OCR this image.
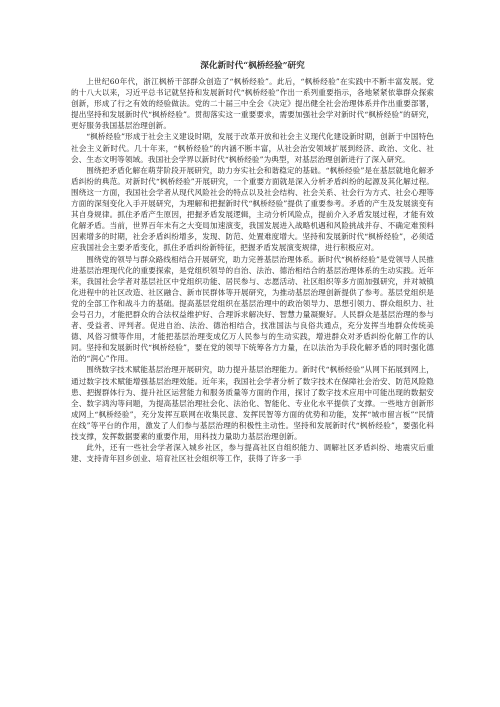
深化新时代“枫桥经验”研究

上世纪60年代，浙江枫桥干部群众创造了“枫桥经验”。此后，“枫桥经验”在实践中不断丰富发展。党的十八大以来，习近平总书记就坚持和发展新时代“枫桥经验”作出一系列重要指示，各地紧紧依靠群众探索创新，形成了行之有效的经验做法。党的二十届三中全会《决定》提出健全社会治理体系并作出重要部署，提出坚持和发展新时代“枫桥经验”。贯彻落实这一重要要求，需要加强社会学对新时代“枫桥经验”的研究，更好服务我国基层治理创新。

“枫桥经验”形成于社会主义建设时期，发展于改革开放和社会主义现代化建设新时期，创新于中国特色社会主义新时代。几十年来，“枫桥经验”的内涵不断丰富，从社会治安领域扩展到经济、政治、文化、社会、生态文明等领域。我国社会学界以新时代“枫桥经验”为典型，对基层治理创新进行了深入研究。

围绕把矛盾化解在萌芽阶段开展研究，助力夯实社会和谐稳定的基础。“枫桥经验”是在基层就地化解矛盾纠纷的典范。对新时代“枫桥经验”开展研究，一个重要方面就是深入分析矛盾纠纷的起源及其化解过程。围绕这一方面，我国社会学者从现代风险社会的特点以及社会结构、社会关系、社会行为方式、社会心理等方面的深刻变化入手开展研究，为理解和把握新时代“枫桥经验”提供了重要参考。矛盾的产生及发展演变有其自身规律。抓住矛盾产生原因，把握矛盾发展逻辑，主动分析风险点，提前介入矛盾发展过程，才能有效化解矛盾。当前，世界百年未有之大变局加速演变，我国发展进入战略机遇和风险挑战并存、不确定难预料因素增多的时期，社会矛盾纠纷增多，发现、防范、处置难度增大。坚持和发展新时代“枫桥经验”，必须适应我国社会主要矛盾变化，抓住矛盾纠纷新特征，把握矛盾发展演变规律，进行积极应对。

围绕党的领导与群众路线相结合开展研究，助力完善基层治理体系。新时代“枫桥经验”是党领导人民推进基层治理现代化的重要探索，是党组织领导的自治、法治、德治相结合的基层治理体系的生动实践。近年来，我国社会学者对基层社区中党组织功能、居民参与、志愿活动、社区组织等多方面加强研究，并对城镇化进程中的社区改造、社区融合、新市民群体等开展研究，为推动基层治理创新提供了参考。基层党组织是党的全部工作和战斗力的基础。提高基层党组织在基层治理中的政治领导力、思想引领力、群众组织力、社会号召力，才能把群众的合法权益维护好、合理诉求解决好、智慧力量凝聚好。人民群众是基层治理的参与者、受益者、评判者。促进自治、法治、德治相结合，找准国法与良俗共通点，充分发挥当地群众传统美德、风俗习惯等作用，才能把基层治理变成亿万人民参与的生动实践，增进群众对矛盾纠纷化解工作的认同。坚持和发展新时代“枫桥经验”，要在党的领导下统筹各方力量，在以法治为手段化解矛盾的同时强化德治的“润心”作用。

围绕数字技术赋能基层治理开展研究，助力提升基层治理能力。新时代“枫桥经验”从网下拓展到网上，通过数字技术赋能增强基层治理效能。近年来，我国社会学者分析了数字技术在保障社会治安、防范风险隐患、把握群体行为、提升社区运营能力和服务质量等方面的作用，探讨了数字技术应用中可能出现的数据安全、数字鸿沟等问题，为提高基层治理社会化、法治化、智能化、专业化水平提供了支撑。一些地方创新形成网上“枫桥经验”，充分发挥互联网在收集民意、发挥民智等方面的优势和功能，发挥“城市留言板”“民情在线”等平台的作用，激发了人们参与基层治理的积极性主动性。坚持和发展新时代“枫桥经验”，要强化科技支撑，发挥数据要素的重要作用，用科技力量助力基层治理创新。

此外，还有一些社会学者深入城乡社区，参与提高社区自组织能力、调解社区矛盾纠纷、地震灾后重建、支持青年回乡创业、培育社区社会组织等工作，获得了许多一手
